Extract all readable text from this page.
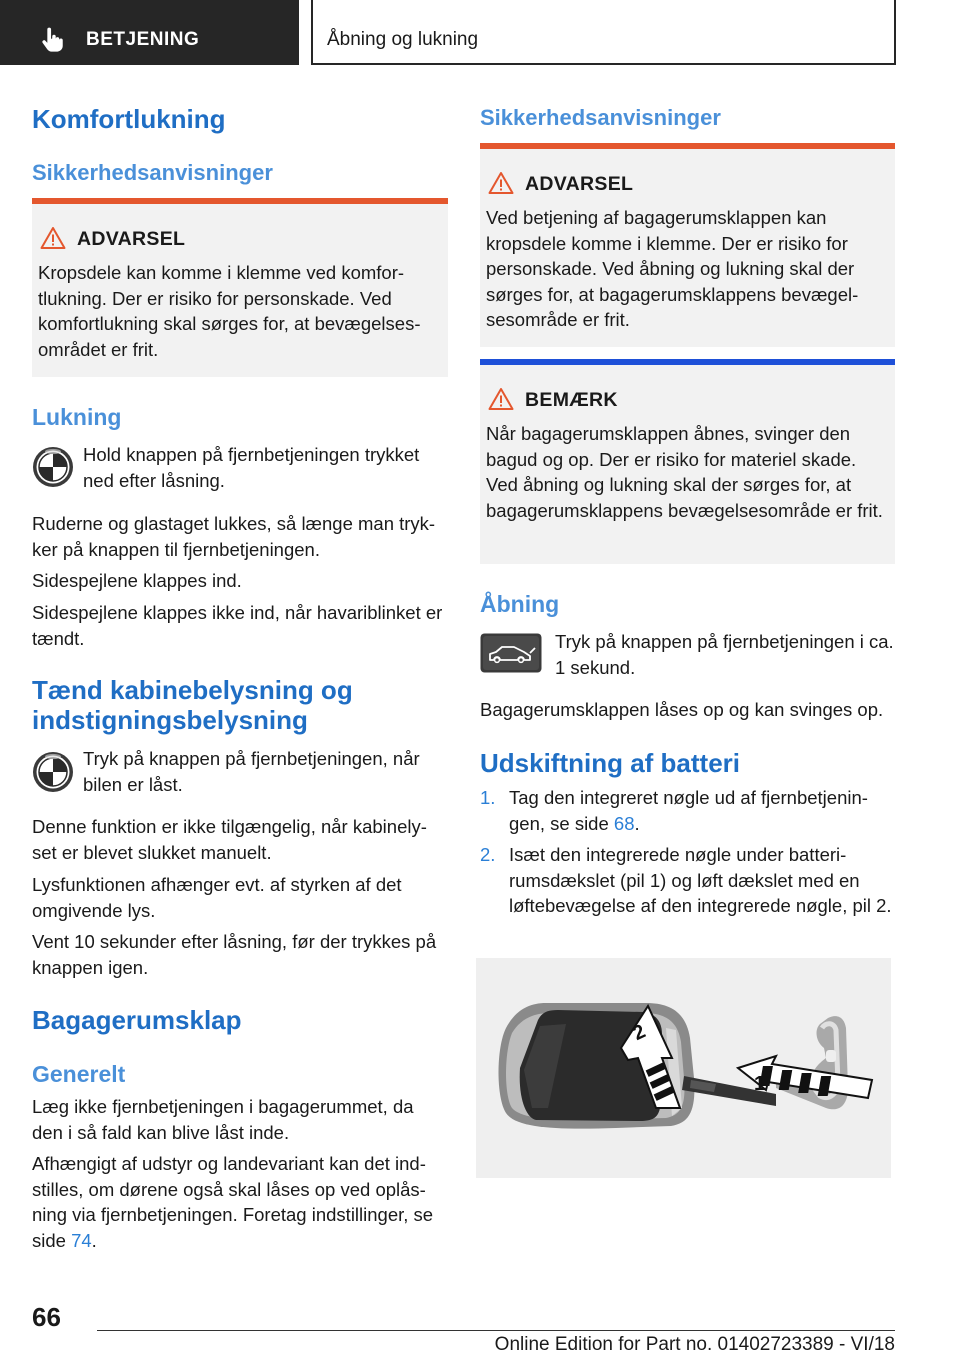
BETJENING	Åbning og lukning
Komfortlukning
Sikkerhedsanvisninger
ADVARSEL
Kropsdele kan komme i klemme ved komfor-tlukning. Der er risiko for personskade. Ved komfortlukning skal sørges for, at bevægelses-området er frit.
Lukning
Hold knappen på fjernbetjeningen trykket ned efter låsning.
Ruderne og glastaget lukkes, så længe man tryk-ker på knappen til fjernbetjeningen.
Sidespejlene klappes ind.
Sidespejlene klappes ikke ind, når havariblinket er tændt.
Tænd kabinebelysning og indstigningsbelysning
Tryk på knappen på fjernbetjeningen, når bilen er låst.
Denne funktion er ikke tilgængelig, når kabinely-set er blevet slukket manuelt.
Lysfunktionen afhænger evt. af styrken af det omgivende lys.
Vent 10 sekunder efter låsning, før der trykkes på knappen igen.
Bagagerumsklap
Generelt
Læg ikke fjernbetjeningen i bagagerummet, da den i så fald kan blive låst inde.
Afhængigt af udstyr og landevariant kan det ind-stilles, om dørene også skal låses op ved oplås-ning via fjernbetjeningen. Foretag indstillinger, se side 74.
Sikkerhedsanvisninger
ADVARSEL
Ved betjening af bagagerumsklappen kan kropsdele komme i klemme. Der er risiko for personskade. Ved åbning og lukning skal der sørges for, at bagagerumsklappens bevægel-sesområde er frit.
BEMÆRK
Når bagagerumsklappen åbnes, svinger den bagud og op. Der er risiko for materiel skade. Ved åbning og lukning skal der sørges for, at bagagerumsklappens bevægelsesområde er frit.
Åbning
Tryk på knappen på fjernbetjeningen i ca. 1 sekund.
Bagagerumsklappen låses op og kan svinges op.
Udskiftning af batteri
1. Tag den integreret nøgle ud af fjernbetjenin-gen, se side 68.
2. Isæt den integrerede nøgle under batteri-rumsdækslet (pil 1) og løft dækslet med en løftebevægelse af den integrerede nøgle, pil 2.
1
2
66
Online Edition for Part no. 01402723389 - VI/18
